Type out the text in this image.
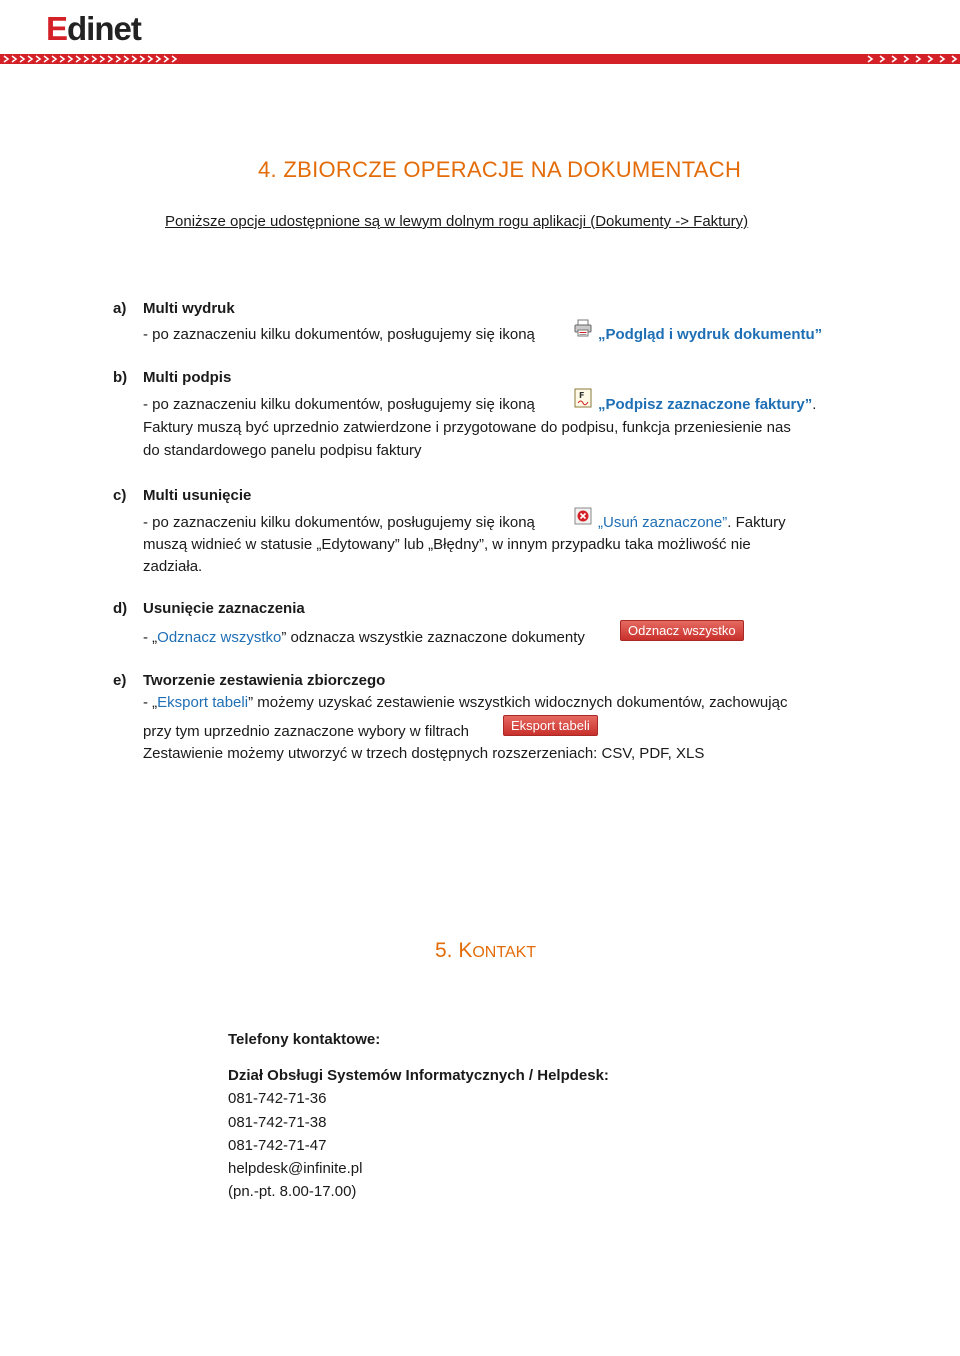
Edinet
4. ZBIORCZE OPERACJE NA DOKUMENTACH
Poniższe opcje udostępnione są w lewym dolnym rogu aplikacji (Dokumenty -> Faktury)
a) Multi wydruk
- po zaznaczeniu kilku dokumentów, posługujemy się ikoną	„Podgląd i wydruk dokumentu”
b) Multi podpis
- po zaznaczeniu kilku dokumentów, posługujemy się ikoną
F
„Podpisz zaznaczone faktury”.
Faktury muszą być uprzednio zatwierdzone i przygotowane do podpisu, funkcja przeniesienie nas
do standardowego panelu podpisu faktury
c) Multi usunięcie
- po zaznaczeniu kilku dokumentów, posługujemy się ikoną	„Usuń zaznaczone”. Faktury
muszą widnieć w statusie „Edytowany” lub „Błędny”, w innym przypadku taka możliwość nie
zadziała.
d) Usunięcie zaznaczenia
- „Odznacz wszystko” odznacza wszystkie zaznaczone dokumenty	Odznacz wszystko
e) Tworzenie zestawienia zbiorczego
- „Eksport tabeli” możemy uzyskać zestawienie wszystkich widocznych dokumentów, zachowując
przy tym uprzednio zaznaczone wybory w filtrach	Eksport tabeli
Zestawienie możemy utworzyć w trzech dostępnych rozszerzeniach: CSV, PDF, XLS
5. KONTAKT
Telefony kontaktowe:
Dział Obsługi Systemów Informatycznych / Helpdesk:
081-742-71-36
081-742-71-38
081-742-71-47
helpdesk@infinite.pl
(pn.-pt. 8.00-17.00)
